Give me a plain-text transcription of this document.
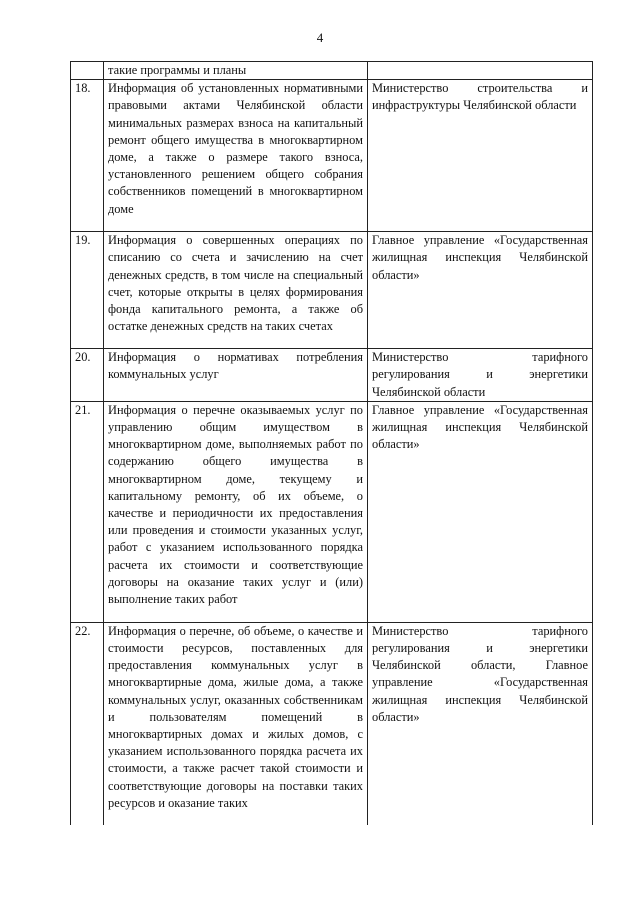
4
	такие программы и планы	
18.	Информация об установленных нормативными правовыми актами Челябинской области минимальных размерах взноса на капитальный ремонт общего имущества в многоквартирном доме, а также о размере такого взноса, установленного решением общего собрания собственников помещений в многоквартирном доме	Министерство строительства и инфраструктуры Челябинской области
19.	Информация о совершенных операциях по списанию со счета и зачислению на счет денежных средств, в том числе на специальный счет, которые открыты в целях формирования фонда капитального ремонта, а также об остатке денежных средств на таких счетах	Главное управление «Государственная жилищная инспекция Челябинской области»
20.	Информация о нормативах потребления коммунальных услуг	Министерство тарифного регулирования и энергетики Челябинской области
21.	Информация о перечне оказываемых услуг по управлению общим имуществом в многоквартирном доме, выполняемых работ по содержанию общего имущества в многоквартирном доме, текущему и капитальному ремонту, об их объеме, о качестве и периодичности их предоставления или проведения и стоимости указанных услуг, работ с указанием использованного порядка расчета их стоимости и соответствующие договоры на оказание таких услуг и (или) выполнение таких работ	Главное управление «Государственная жилищная инспекция Челябинской области»
22.	Информация о перечне, об объеме, о качестве и стоимости ресурсов, поставленных для предоставления коммунальных услуг в многоквартирные дома, жилые дома, а также коммунальных услуг, оказанных собственникам и пользователям помещений в многоквартирных домах и жилых домов, с указанием использованного порядка расчета их стоимости, а также расчет такой стоимости и соответствующие договоры на поставки таких ресурсов и оказание таких	Министерство тарифного регулирования и энергетики Челябинской области, Главное управление «Государственная жилищная инспекция Челябинской области»
